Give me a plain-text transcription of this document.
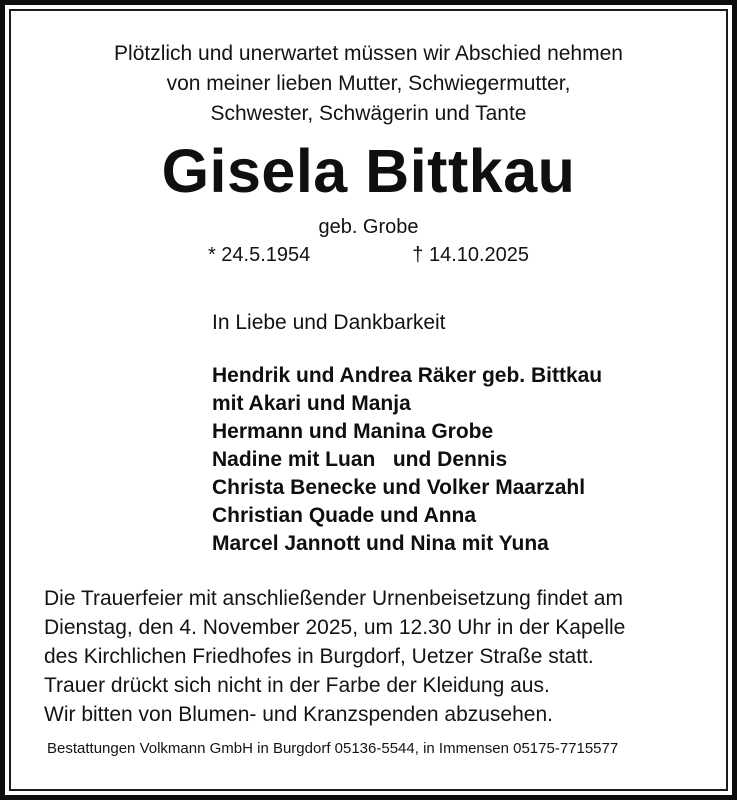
Plötzlich und unerwartet müssen wir Abschied nehmen
von meiner lieben Mutter, Schwiegermutter,
Schwester, Schwägerin und Tante
Gisela Bittkau
geb. Grobe
* 24.5.1954	† 14.10.2025
In Liebe und Dankbarkeit
Hendrik und Andrea Räker geb. Bittkau
mit Akari und Manja
Hermann und Manina Grobe
Nadine mit Luan   und Dennis
Christa Benecke und Volker Maarzahl
Christian Quade und Anna
Marcel Jannott und Nina mit Yuna
Die Trauerfeier mit anschließender Urnenbeisetzung findet am
Dienstag, den 4. November 2025, um 12.30 Uhr in der Kapelle
des Kirchlichen Friedhofes in Burgdorf, Uetzer Straße statt.
Trauer drückt sich nicht in der Farbe der Kleidung aus.
Wir bitten von Blumen- und Kranzspenden abzusehen.
Bestattungen Volkmann GmbH in Burgdorf 05136-5544, in Immensen 05175-7715577
